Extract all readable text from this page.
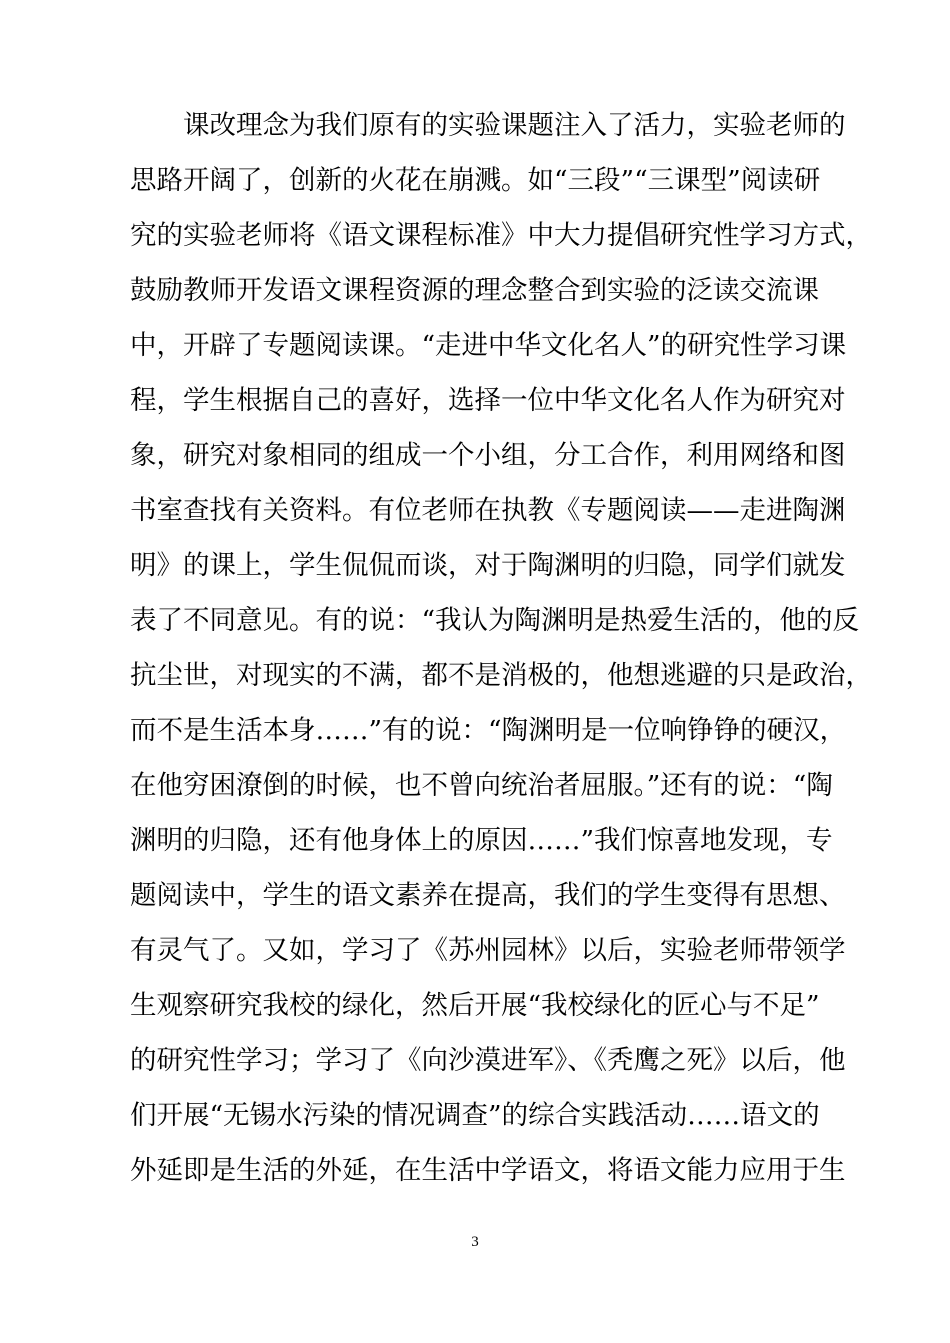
课改理念为我们原有的实验课题注入了活力，实验老师的
思路开阔了，创新的火花在崩溅。如“三段”“三课型”阅读研
究的实验老师将《语文课程标准》中大力提倡研究性学习方式，
鼓励教师开发语文课程资源的理念整合到实验的泛读交流课
中，开辟了专题阅读课。“走进中华文化名人”的研究性学习课
程，学生根据自己的喜好，选择一位中华文化名人作为研究对
象，研究对象相同的组成一个小组，分工合作，利用网络和图
书室查找有关资料。有位老师在执教《专题阅读——走进陶渊
明》的课上，学生侃侃而谈，对于陶渊明的归隐，同学们就发
表了不同意见。有的说：“我认为陶渊明是热爱生活的，他的反
抗尘世，对现实的不满，都不是消极的，他想逃避的只是政治，
而不是生活本身……”有的说：“陶渊明是一位响铮铮的硬汉，
在他穷困潦倒的时候，也不曾向统治者屈服。”还有的说：“陶
渊明的归隐，还有他身体上的原因……”我们惊喜地发现，专
题阅读中，学生的语文素养在提高，我们的学生变得有思想、
有灵气了。又如，学习了《苏州园林》以后，实验老师带领学
生观察研究我校的绿化，然后开展“我校绿化的匠心与不足”
的研究性学习；学习了《向沙漠进军》、《秃鹰之死》以后，他
们开展“无锡水污染的情况调查”的综合实践活动……语文的
外延即是生活的外延，在生活中学语文，将语文能力应用于生
3
